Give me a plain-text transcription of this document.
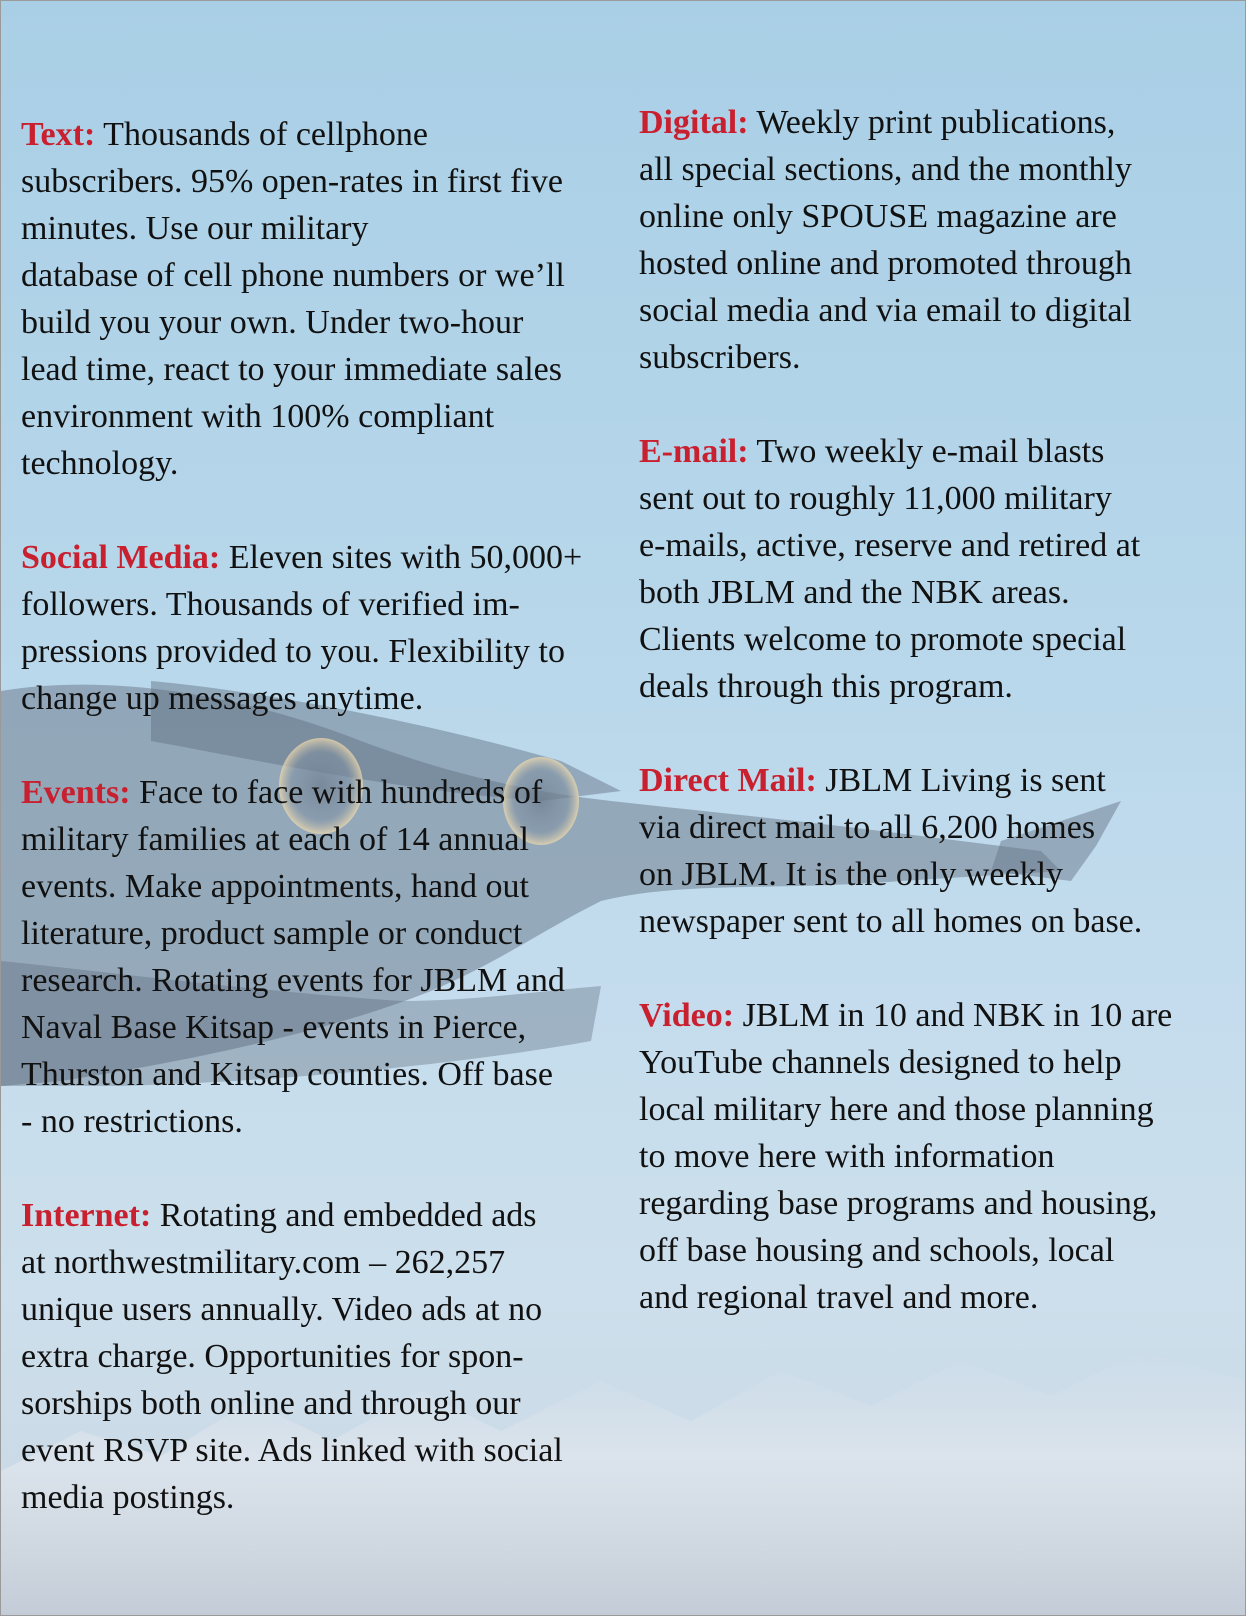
Text: Thousands of cellphone
subscribers. 95% open-rates in first five
minutes. Use our military
database of cell phone numbers or we’ll
build you your own. Under two-hour
lead time, react to your immediate sales
environment with 100% compliant
technology.

Social Media: Eleven sites with 50,000+
followers. Thousands of verified im-
pressions provided to you. Flexibility to
change up messages anytime.

Events: Face to face with hundreds of
military families at each of 14 annual
events. Make appointments, hand out
literature, product sample or conduct
research. Rotating events for JBLM and
Naval Base Kitsap - events in Pierce,
Thurston and Kitsap counties. Off base
- no restrictions.

Internet: Rotating and embedded ads
at northwestmilitary.com – 262,257
unique users annually. Video ads at no
extra charge. Opportunities for spon-
sorships both online and through our
event RSVP site. Ads linked with social
media postings.

Digital: Weekly print publications,
all special sections, and the monthly
online only SPOUSE magazine are
hosted online and promoted through
social media and via email to digital
subscribers.

E-mail: Two weekly e-mail blasts
sent out to roughly 11,000 military
e-mails, active, reserve and retired at
both JBLM and the NBK areas.
Clients welcome to promote special
deals through this program.

Direct Mail: JBLM Living is sent
via direct mail to all 6,200 homes
on JBLM. It is the only weekly
newspaper sent to all homes on base.

Video: JBLM in 10 and NBK in 10 are
YouTube channels designed to help
local military here and those planning
to move here with information
regarding base programs and housing,
off base housing and schools, local
and regional travel and more.
